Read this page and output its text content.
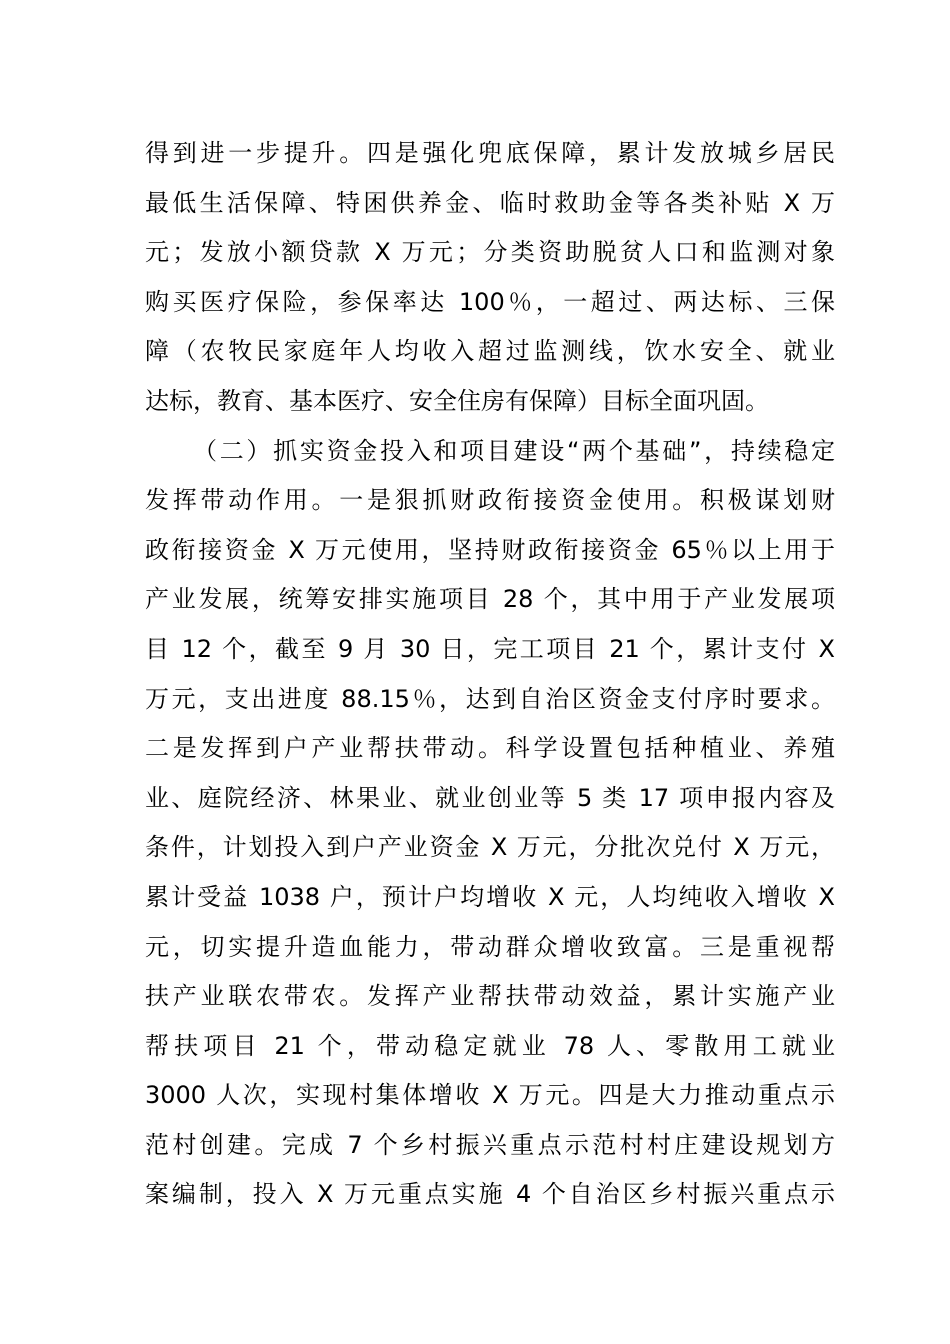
得到进一步提升。四是强化兜底保障，累计发放城乡居民
最低生活保障、特困供养金、临时救助金等各类补贴 X 万
元；发放小额贷款 X 万元；分类资助脱贫人口和监测对象
购买医疗保险，参保率达 100％，一超过、两达标、三保
障（农牧民家庭年人均收入超过监测线，饮水安全、就业
达标，教育、基本医疗、安全住房有保障）目标全面巩固。
（二）抓实资金投入和项目建设“两个基础”，持续稳定
发挥带动作用。一是狠抓财政衔接资金使用。积极谋划财
政衔接资金 X 万元使用，坚持财政衔接资金 65％以上用于
产业发展，统筹安排实施项目 28 个，其中用于产业发展项
目 12 个，截至 9 月 30 日，完工项目 21 个，累计支付 X
万元，支出进度 88.15％，达到自治区资金支付序时要求。
二是发挥到户产业帮扶带动。科学设置包括种植业、养殖
业、庭院经济、林果业、就业创业等 5 类 17 项申报内容及
条件，计划投入到户产业资金 X 万元，分批次兑付 X 万元，
累计受益 1038 户，预计户均增收 X 元，人均纯收入增收 X
元，切实提升造血能力，带动群众增收致富。三是重视帮
扶产业联农带农。发挥产业帮扶带动效益，累计实施产业
帮扶项目 21 个，带动稳定就业 78 人、零散用工就业
3000 人次，实现村集体增收 X 万元。四是大力推动重点示
范村创建。完成 7 个乡村振兴重点示范村村庄建设规划方
案编制，投入 X 万元重点实施 4 个自治区乡村振兴重点示
